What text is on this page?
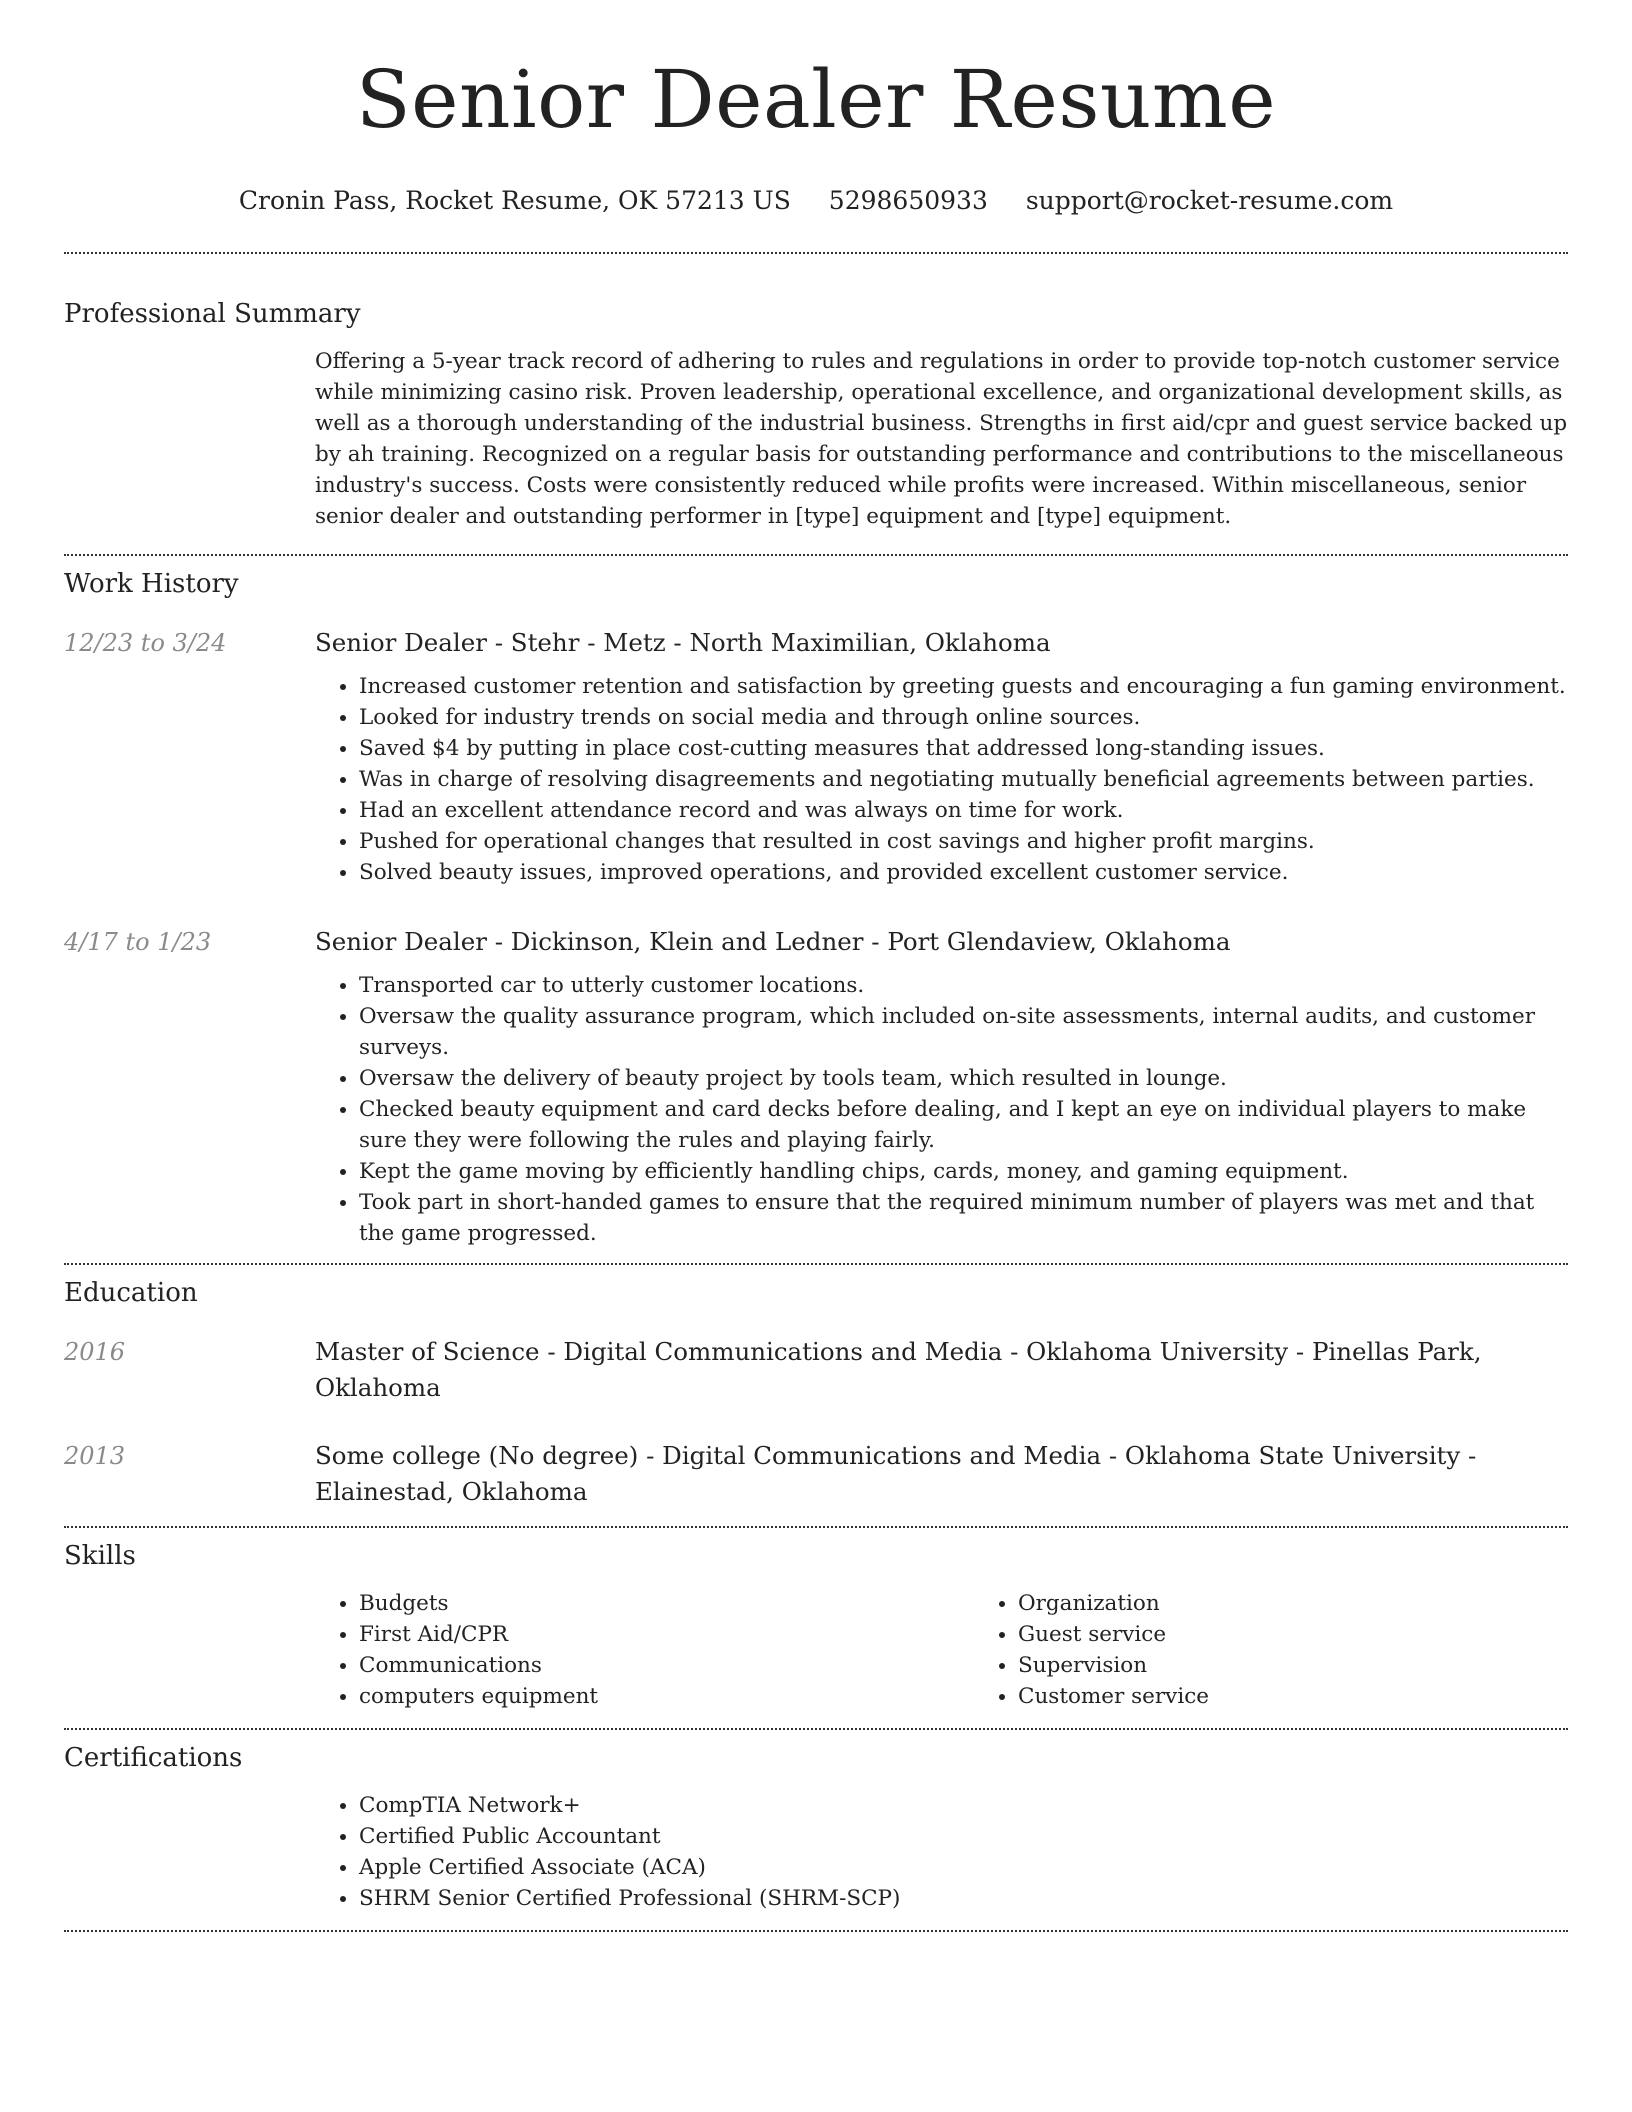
Senior Dealer Resume
Cronin Pass, Rocket Resume, OK 57213 US 5298650933 support@rocket-resume.com
Professional Summary

Offering a 5-year track record of adhering to rules and regulations in order to provide top-notch customer service while minimizing casino risk. Proven leadership, operational excellence, and organizational development skills, as well as a thorough understanding of the industrial business. Strengths in first aid/cpr and guest service backed up by ah training. Recognized on a regular basis for outstanding performance and contributions to the miscellaneous industry's success. Costs were consistently reduced while profits were increased. Within miscellaneous, senior senior dealer and outstanding performer in [type] equipment and [type] equipment.

Work History
12/23 to 3/24	Senior Dealer - Stehr - Metz - North Maximilian, Oklahoma
• Increased customer retention and satisfaction by greeting guests and encouraging a fun gaming environment.
• Looked for industry trends on social media and through online sources.
• Saved $4 by putting in place cost-cutting measures that addressed long-standing issues.
• Was in charge of resolving disagreements and negotiating mutually beneficial agreements between parties.
• Had an excellent attendance record and was always on time for work.
• Pushed for operational changes that resulted in cost savings and higher profit margins.
• Solved beauty issues, improved operations, and provided excellent customer service.
4/17 to 1/23	Senior Dealer - Dickinson, Klein and Ledner - Port Glendaview, Oklahoma
• Transported car to utterly customer locations.
• Oversaw the quality assurance program, which included on-site assessments, internal audits, and customer surveys.
• Oversaw the delivery of beauty project by tools team, which resulted in lounge.
• Checked beauty equipment and card decks before dealing, and I kept an eye on individual players to make sure they were following the rules and playing fairly.
• Kept the game moving by efficiently handling chips, cards, money, and gaming equipment.
• Took part in short-handed games to ensure that the required minimum number of players was met and that the game progressed.
Education
2016	Master of Science - Digital Communications and Media - Oklahoma University - Pinellas Park, Oklahoma
2013	Some college (No degree) - Digital Communications and Media - Oklahoma State University - Elainestad, Oklahoma
Skills
• Budgets
• First Aid/CPR
• Communications
• computers equipment
• Organization
• Guest service
• Supervision
• Customer service
Certifications
• CompTIA Network+
• Certified Public Accountant
• Apple Certified Associate (ACA)
• SHRM Senior Certified Professional (SHRM-SCP)
